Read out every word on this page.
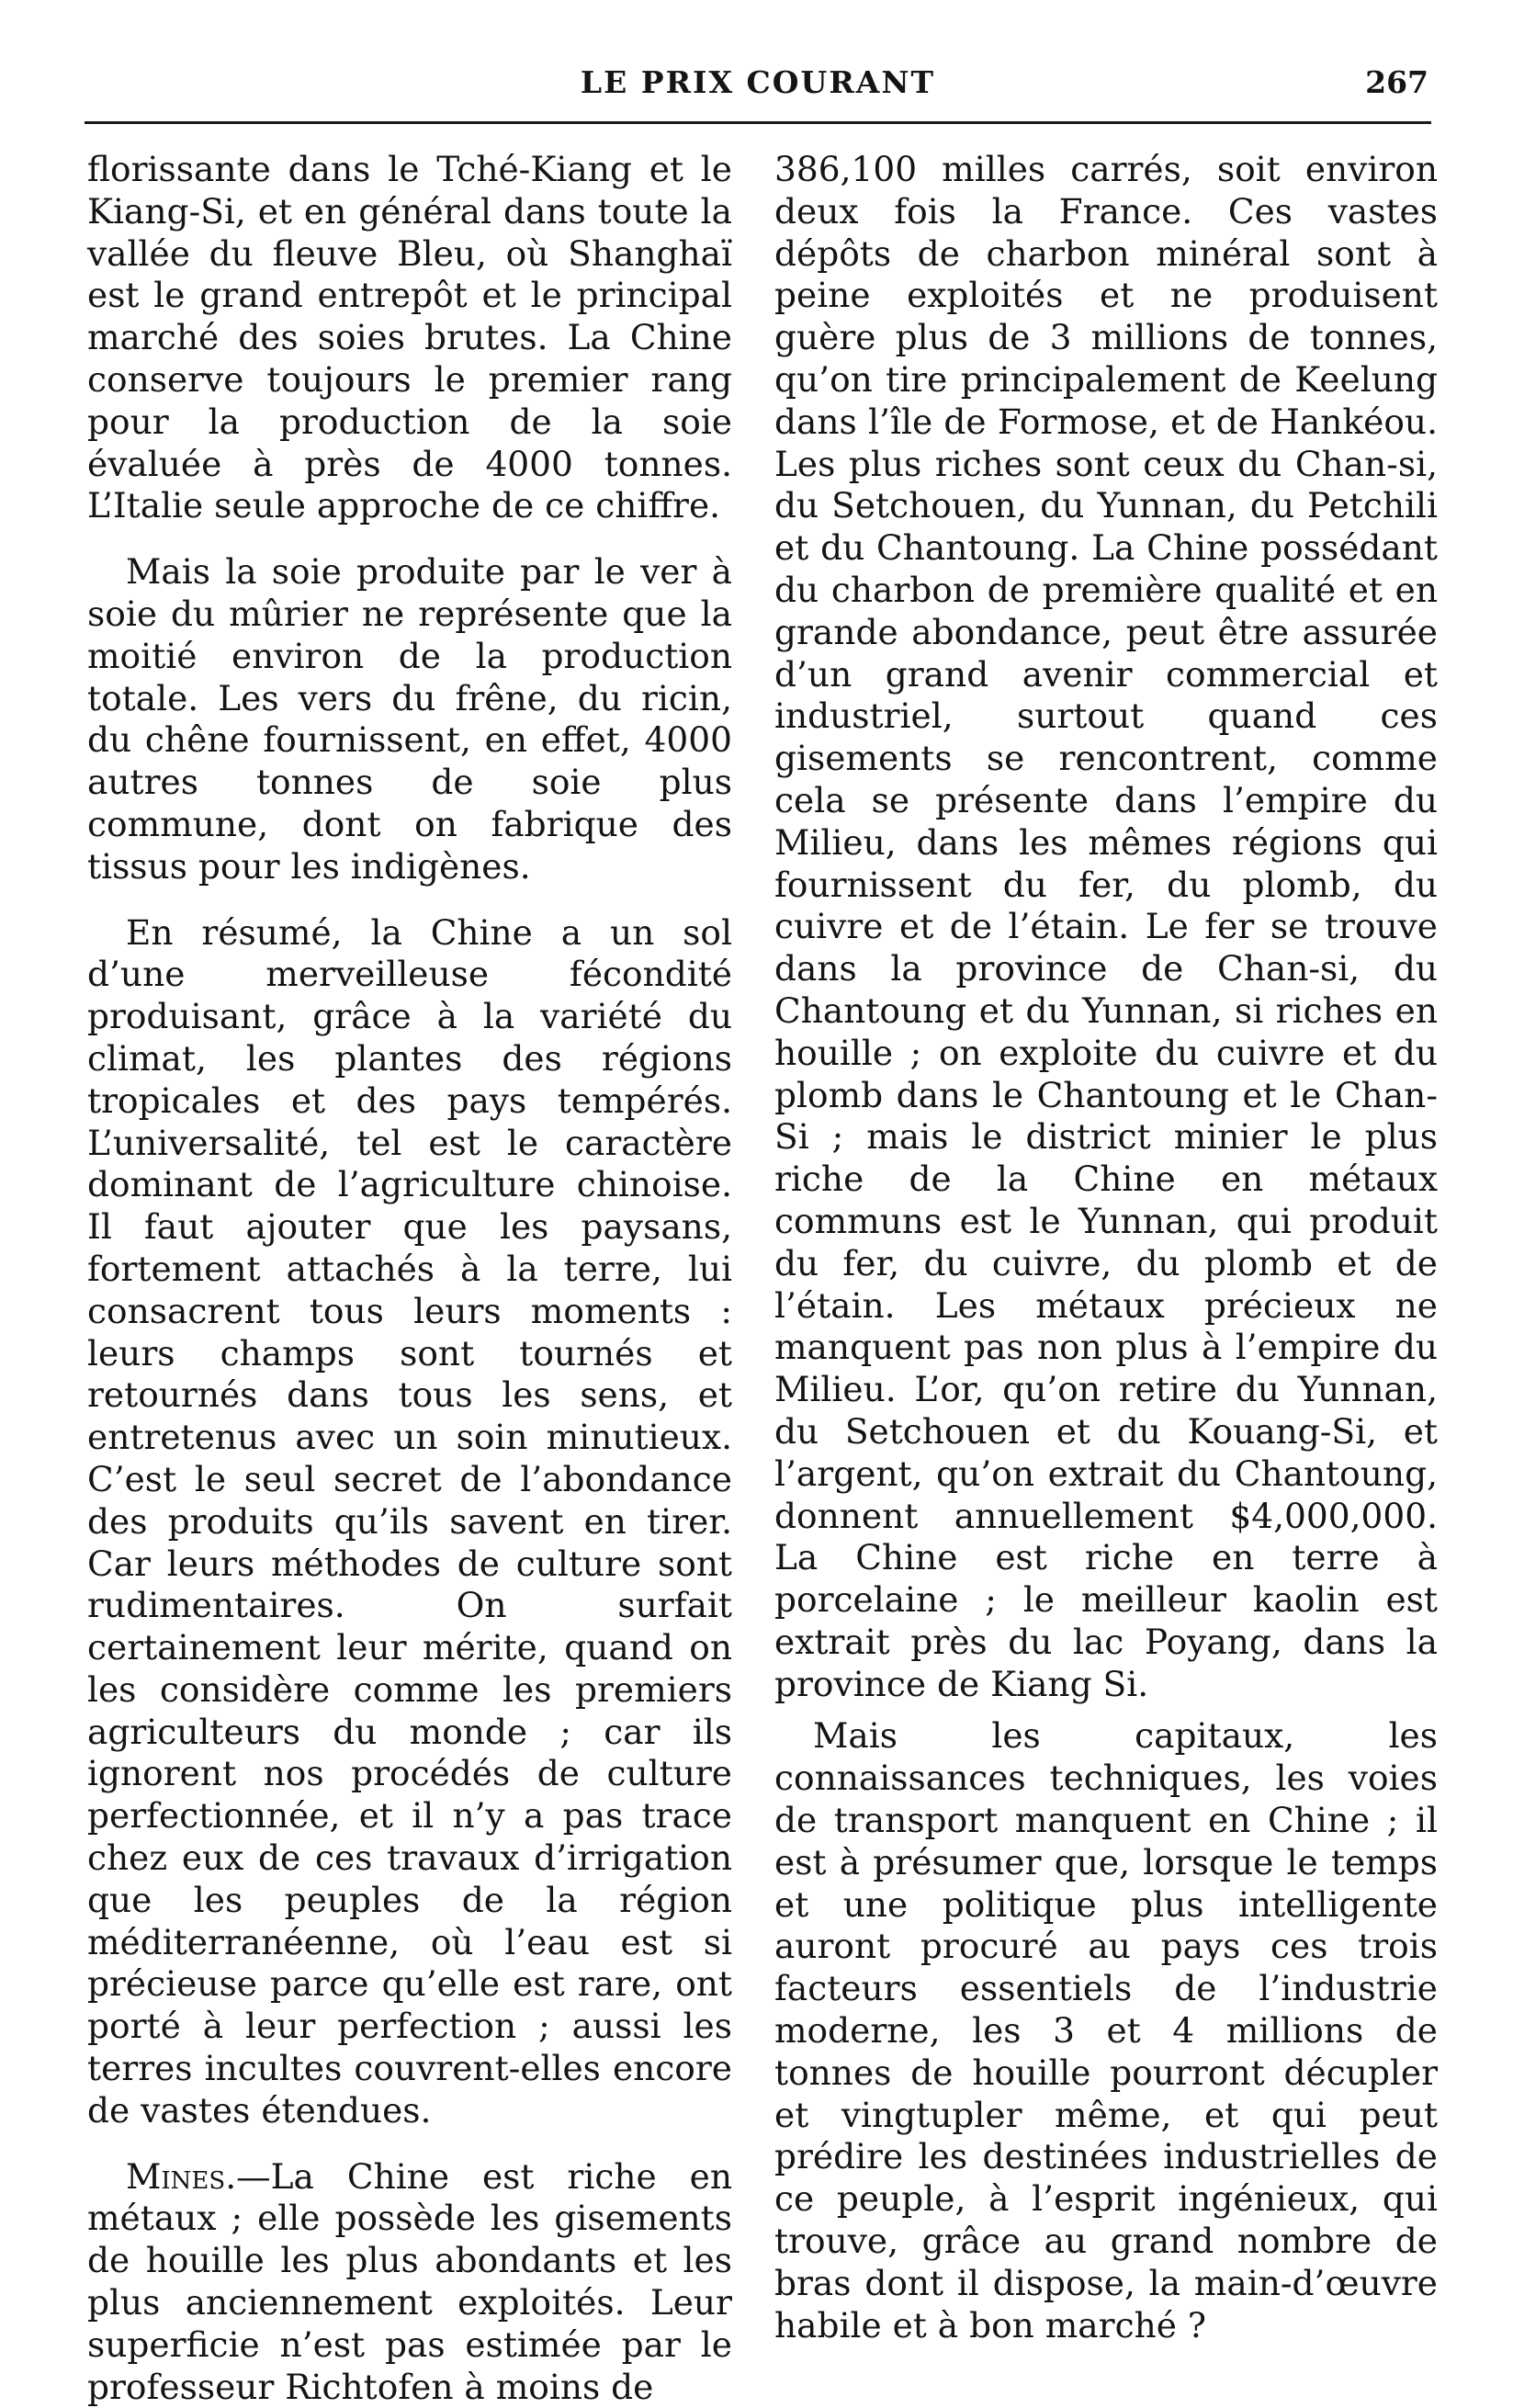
LE PRIX COURANT	267

florissante dans le Tché-Kiang et le Kiang-Si, et en général dans toute la vallée du fleuve Bleu, où Shanghaï est le grand entrepôt et le principal marché des soies brutes. La Chine conserve toujours le premier rang pour la production de la soie évaluée à près de 4000 tonnes. L’Italie seule approche de ce chiffre.

Mais la soie produite par le ver à soie du mûrier ne représente que la moitié environ de la production totale. Les vers du frêne, du ricin, du chêne fournissent, en effet, 4000 autres tonnes de soie plus commune, dont on fabrique des tissus pour les indigènes.

En résumé, la Chine a un sol d’une merveilleuse fécondité produisant, grâce à la variété du climat, les plantes des régions tropicales et des pays tempérés. L’universalité, tel est le caractère dominant de l’agriculture chinoise. Il faut ajouter que les paysans, fortement attachés à la terre, lui consacrent tous leurs moments : leurs champs sont tournés et retournés dans tous les sens, et entretenus avec un soin minutieux. C’est le seul secret de l’abondance des produits qu’ils savent en tirer. Car leurs méthodes de culture sont rudimentaires. On surfait certainement leur mérite, quand on les considère comme les premiers agriculteurs du monde ; car ils ignorent nos procédés de culture perfectionnée, et il n’y a pas trace chez eux de ces travaux d’irrigation que les peuples de la région méditerranéenne, où l’eau est si précieuse parce qu’elle est rare, ont porté à leur perfection ; aussi les terres incultes couvrent-elles encore de vastes étendues.

Mines.—La Chine est riche en métaux ; elle possède les gisements de houille les plus abondants et les plus anciennement exploités. Leur superficie n’est pas estimée par le professeur Richtofen à moins de

386,100 milles carrés, soit environ deux fois la France. Ces vastes dépôts de charbon minéral sont à peine exploités et ne produisent guère plus de 3 millions de tonnes, qu’on tire principalement de Keelung dans l’île de Formose, et de Hankéou. Les plus riches sont ceux du Chan-si, du Setchouen, du Yunnan, du Petchili et du Chantoung. La Chine possédant du charbon de première qualité et en grande abondance, peut être assurée d’un grand avenir commercial et industriel, surtout quand ces gisements se rencontrent, comme cela se présente dans l’empire du Milieu, dans les mêmes régions qui fournissent du fer, du plomb, du cuivre et de l’étain. Le fer se trouve dans la province de Chan-si, du Chantoung et du Yunnan, si riches en houille ; on exploite du cuivre et du plomb dans le Chantoung et le Chan-Si ; mais le district minier le plus riche de la Chine en métaux communs est le Yunnan, qui produit du fer, du cuivre, du plomb et de l’étain. Les métaux précieux ne manquent pas non plus à l’empire du Milieu. L’or, qu’on retire du Yunnan, du Setchouen et du Kouang-Si, et l’argent, qu’on extrait du Chantoung, donnent annuellement $4,000,000. La Chine est riche en terre à porcelaine ; le meilleur kaolin est extrait près du lac Poyang, dans la province de Kiang Si.

Mais les capitaux, les connaissances techniques, les voies de transport manquent en Chine ; il est à présumer que, lorsque le temps et une politique plus intelligente auront procuré au pays ces trois facteurs essentiels de l’industrie moderne, les 3 et 4 millions de tonnes de houille pourront décupler et vingtupler même, et qui peut prédire les destinées industrielles de ce peuple, à l’esprit ingénieux, qui trouve, grâce au grand nombre de bras dont il dispose, la main-d’œuvre habile et à bon marché ?
